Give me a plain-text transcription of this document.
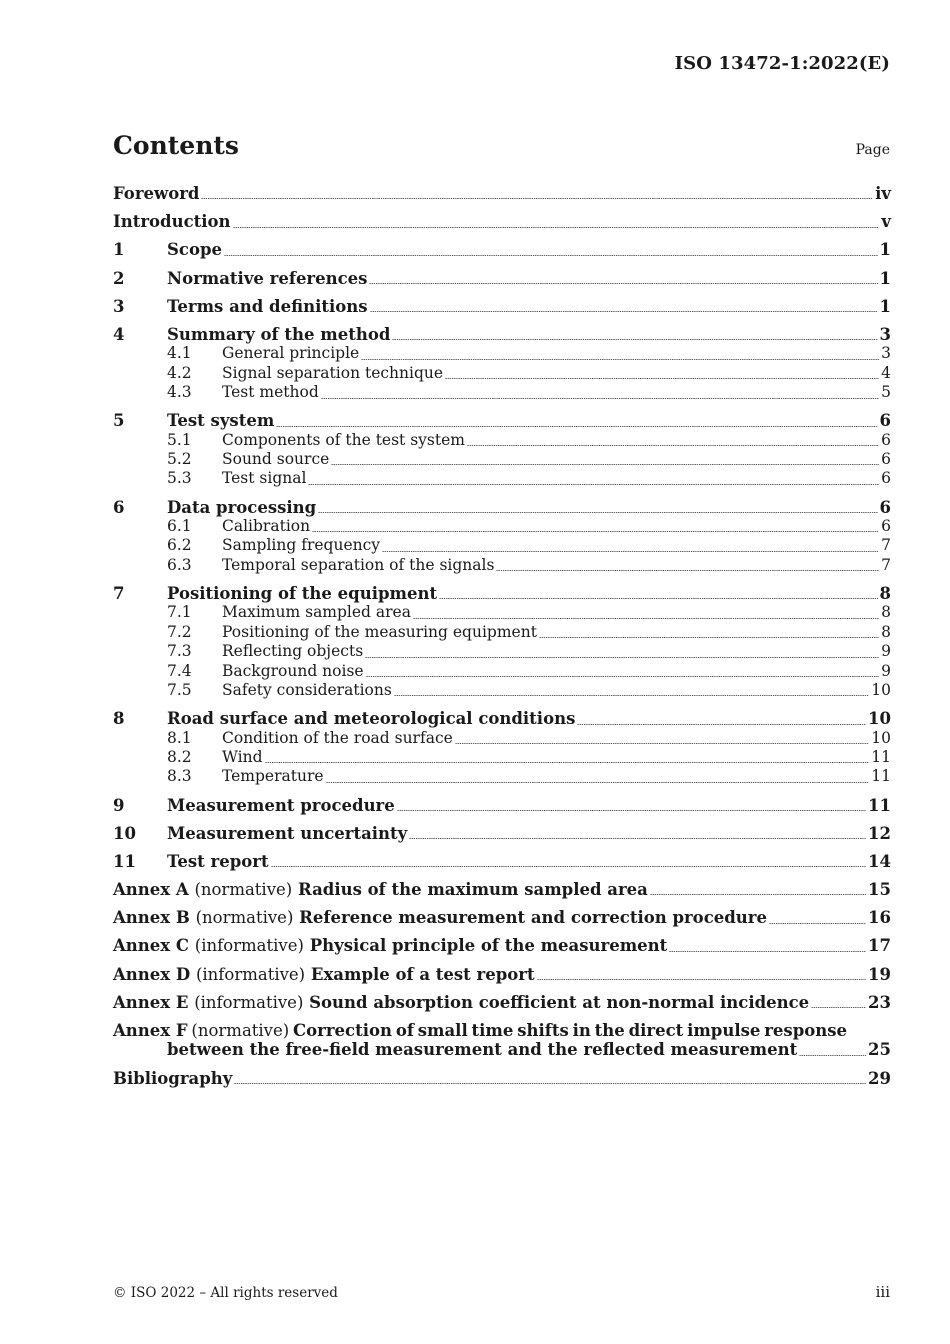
ISO 13472-1:2022(E)
Contents	Page
Foreword	iv
Introduction	v
1	Scope	1
2	Normative references	1
3	Terms and definitions	1
4	Summary of the method	3
4.1	General principle	3
4.2	Signal separation technique	4
4.3	Test method	5
5	Test system	6
5.1	Components of the test system	6
5.2	Sound source	6
5.3	Test signal	6
6	Data processing	6
6.1	Calibration	6
6.2	Sampling frequency	7
6.3	Temporal separation of the signals	7
7	Positioning of the equipment	8
7.1	Maximum sampled area	8
7.2	Positioning of the measuring equipment	8
7.3	Reflecting objects	9
7.4	Background noise	9
7.5	Safety considerations	10
8	Road surface and meteorological conditions	10
8.1	Condition of the road surface	10
8.2	Wind	11
8.3	Temperature	11
9	Measurement procedure	11
10	Measurement uncertainty	12
11	Test report	14
Annex A (normative) Radius of the maximum sampled area	15
Annex B (normative) Reference measurement and correction procedure	16
Annex C (informative) Physical principle of the measurement	17
Annex D (informative) Example of a test report	19
Annex E (informative) Sound absorption coefficient at non-normal incidence	23
Annex F (normative) Correction of small time shifts in the direct impulse response
between the free-field measurement and the reflected measurement	25
Bibliography	29
© ISO 2022 – All rights reserved	iii
